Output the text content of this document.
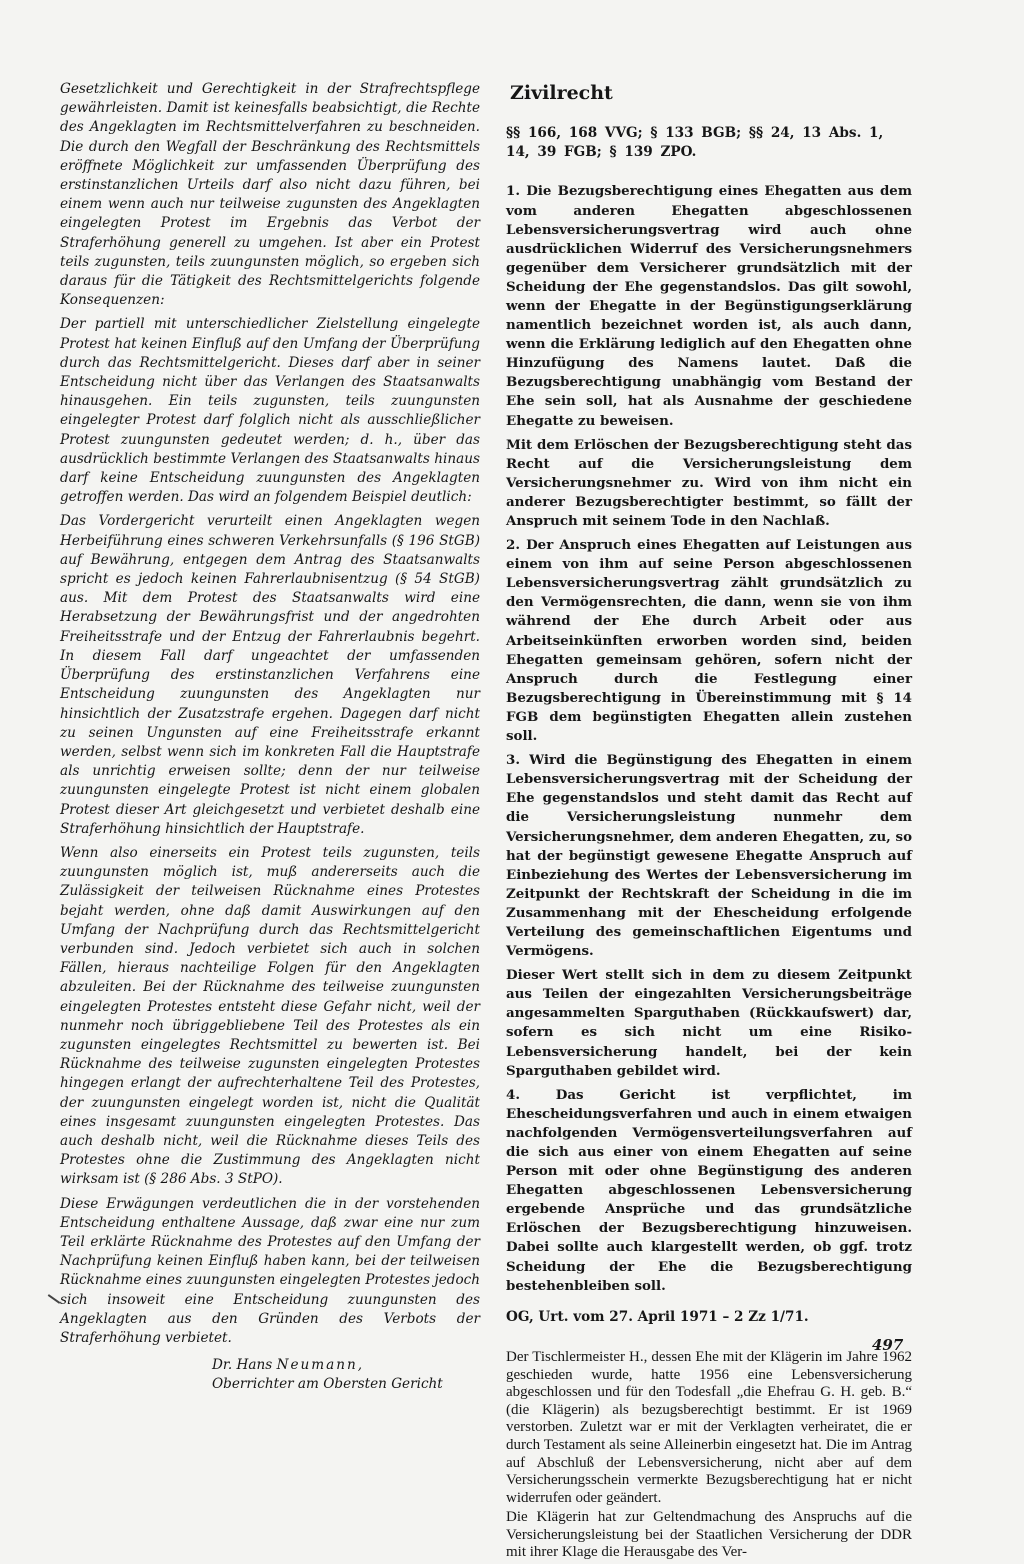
Gesetzlichkeit und Gerechtigkeit in der Strafrechtspflege gewährleisten. Damit ist keinesfalls beabsichtigt, die Rechte des Angeklagten im Rechtsmittelverfahren zu beschneiden. Die durch den Wegfall der Beschränkung des Rechtsmittels eröffnete Möglichkeit zur umfassenden Überprüfung des erstinstanzlichen Urteils darf also nicht dazu führen, bei einem wenn auch nur teilweise zugunsten des Angeklagten eingelegten Protest im Ergebnis das Verbot der Straferhöhung generell zu umgehen. Ist aber ein Protest teils zugunsten, teils zuungunsten möglich, so ergeben sich daraus für die Tätigkeit des Rechtsmittelgerichts folgende Konsequenzen:

Der partiell mit unterschiedlicher Zielstellung eingelegte Protest hat keinen Einfluß auf den Umfang der Überprüfung durch das Rechtsmittelgericht. Dieses darf aber in seiner Entscheidung nicht über das Verlangen des Staatsanwalts hinausgehen. Ein teils zugunsten, teils zuungunsten eingelegter Protest darf folglich nicht als ausschließlicher Protest zuungunsten gedeutet werden; d. h., über das ausdrücklich bestimmte Verlangen des Staatsanwalts hinaus darf keine Entscheidung zuungunsten des Angeklagten getroffen werden. Das wird an folgendem Beispiel deutlich:

Das Vordergericht verurteilt einen Angeklagten wegen Herbeiführung eines schweren Verkehrsunfalls (§ 196 StGB) auf Bewährung, entgegen dem Antrag des Staatsanwalts spricht es jedoch keinen Fahrerlaubnisentzug (§ 54 StGB) aus. Mit dem Protest des Staatsanwalts wird eine Herabsetzung der Bewährungsfrist und der angedrohten Freiheitsstrafe und der Entzug der Fahrerlaubnis begehrt. In diesem Fall darf ungeachtet der umfassenden Überprüfung des erstinstanzlichen Verfahrens eine Entscheidung zuungunsten des Angeklagten nur hinsichtlich der Zusatzstrafe ergehen. Dagegen darf nicht zu seinen Ungunsten auf eine Freiheitsstrafe erkannt werden, selbst wenn sich im konkreten Fall die Hauptstrafe als unrichtig erweisen sollte; denn der nur teilweise zuungunsten eingelegte Protest ist nicht einem globalen Protest dieser Art gleichgesetzt und verbietet deshalb eine Straferhöhung hinsichtlich der Hauptstrafe.

Wenn also einerseits ein Protest teils zugunsten, teils zuungunsten möglich ist, muß andererseits auch die Zulässigkeit der teilweisen Rücknahme eines Protestes bejaht werden, ohne daß damit Auswirkungen auf den Umfang der Nachprüfung durch das Rechtsmittelgericht verbunden sind. Jedoch verbietet sich auch in solchen Fällen, hieraus nachteilige Folgen für den Angeklagten abzuleiten. Bei der Rücknahme des teilweise zuungunsten eingelegten Protestes entsteht diese Gefahr nicht, weil der nunmehr noch übriggebliebene Teil des Protestes als ein zugunsten eingelegtes Rechtsmittel zu bewerten ist. Bei Rücknahme des teilweise zugunsten eingelegten Protestes hingegen erlangt der aufrechterhaltene Teil des Protestes, der zuungunsten eingelegt worden ist, nicht die Qualität eines insgesamt zuungunsten eingelegten Protestes. Das auch deshalb nicht, weil die Rücknahme dieses Teils des Protestes ohne die Zustimmung des Angeklagten nicht wirksam ist (§ 286 Abs. 3 StPO).

Diese Erwägungen verdeutlichen die in der vorstehenden Entscheidung enthaltene Aussage, daß zwar eine nur zum Teil erklärte Rücknahme des Protestes auf den Umfang der Nachprüfung keinen Einfluß haben kann, bei der teilweisen Rücknahme eines zuungunsten eingelegten Protestes jedoch sich insoweit eine Entscheidung zuungunsten des Angeklagten aus den Gründen des Verbots der Straferhöhung verbietet.

Dr. Hans Neumann,
Oberrichter am Obersten Gericht
Zivilrecht
§§ 166, 168 VVG; § 133 BGB; §§ 24, 13 Abs. 1, 14, 39 FGB; § 139 ZPO.

1. Die Bezugsberechtigung eines Ehegatten aus dem vom anderen Ehegatten abgeschlossenen Lebensversicherungsvertrag wird auch ohne ausdrücklichen Widerruf des Versicherungsnehmers gegenüber dem Versicherer grundsätzlich mit der Scheidung der Ehe gegenstandslos. Das gilt sowohl, wenn der Ehegatte in der Begünstigungserklärung namentlich bezeichnet worden ist, als auch dann, wenn die Erklärung lediglich auf den Ehegatten ohne Hinzufügung des Namens lautet. Daß die Bezugsberechtigung unabhängig vom Bestand der Ehe sein soll, hat als Ausnahme der geschiedene Ehegatte zu beweisen.

Mit dem Erlöschen der Bezugsberechtigung steht das Recht auf die Versicherungsleistung dem Versicherungsnehmer zu. Wird von ihm nicht ein anderer Bezugsberechtigter bestimmt, so fällt der Anspruch mit seinem Tode in den Nachlaß.

2. Der Anspruch eines Ehegatten auf Leistungen aus einem von ihm auf seine Person abgeschlossenen Lebensversicherungsvertrag zählt grundsätzlich zu den Vermögensrechten, die dann, wenn sie von ihm während der Ehe durch Arbeit oder aus Arbeitseinkünften erworben worden sind, beiden Ehegatten gemeinsam gehören, sofern nicht der Anspruch durch die Festlegung einer Bezugsberechtigung in Übereinstimmung mit § 14 FGB dem begünstigten Ehegatten allein zustehen soll.

3. Wird die Begünstigung des Ehegatten in einem Lebensversicherungsvertrag mit der Scheidung der Ehe gegenstandslos und steht damit das Recht auf die Versicherungsleistung nunmehr dem Versicherungsnehmer, dem anderen Ehegatten, zu, so hat der begünstigt gewesene Ehegatte Anspruch auf Einbeziehung des Wertes der Lebensversicherung im Zeitpunkt der Rechtskraft der Scheidung in die im Zusammenhang mit der Ehescheidung erfolgende Verteilung des gemeinschaftlichen Eigentums und Vermögens.

Dieser Wert stellt sich in dem zu diesem Zeitpunkt aus Teilen der eingezahlten Versicherungsbeiträge angesammelten Sparguthaben (Rückkaufswert) dar, sofern es sich nicht um eine Risiko-Lebensversicherung handelt, bei der kein Sparguthaben gebildet wird.

4. Das Gericht ist verpflichtet, im Ehescheidungsverfahren und auch in einem etwaigen nachfolgenden Vermögensverteilungsverfahren auf die sich aus einer von einem Ehegatten auf seine Person mit oder ohne Begünstigung des anderen Ehegatten abgeschlossenen Lebensversicherung ergebende Ansprüche und das grundsätzliche Erlöschen der Bezugsberechtigung hinzuweisen. Dabei sollte auch klargestellt werden, ob ggf. trotz Scheidung der Ehe die Bezugsberechtigung bestehenbleiben soll.

OG, Urt. vom 27. April 1971 – 2 Zz 1/71.

Der Tischlermeister H., dessen Ehe mit der Klägerin im Jahre 1962 geschieden wurde, hatte 1956 eine Lebensversicherung abgeschlossen und für den Todesfall „die Ehefrau G. H. geb. B.“ (die Klägerin) als bezugsberechtigt bestimmt. Er ist 1969 verstorben. Zuletzt war er mit der Verklagten verheiratet, die er durch Testament als seine Alleinerbin eingesetzt hat. Die im Antrag auf Abschluß der Lebensversicherung, nicht aber auf dem Versicherungsschein vermerkte Bezugsberechtigung hat er nicht widerrufen oder geändert.

Die Klägerin hat zur Geltendmachung des Anspruchs auf die Versicherungsleistung bei der Staatlichen Versicherung der DDR mit ihrer Klage die Herausgabe des Ver-

497
